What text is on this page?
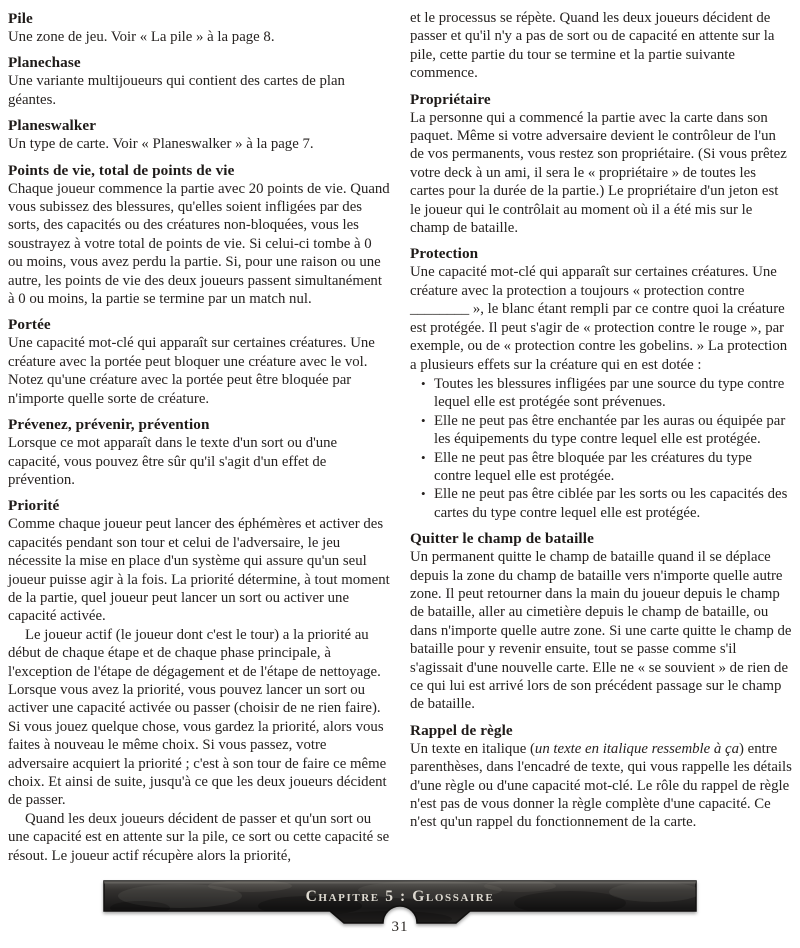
Pile

Une zone de jeu. Voir « La pile » à la page 8.

Planechase

Une variante multijoueurs qui contient des cartes de plan géantes.

Planeswalker

Un type de carte. Voir « Planeswalker » à la page 7.

Points de vie, total de points de vie

Chaque joueur commence la partie avec 20 points de vie. Quand vous subissez des blessures, qu'elles soient infligées par des sorts, des capacités ou des créatures non-bloquées, vous les soustrayez à votre total de points de vie. Si celui-ci tombe à 0 ou moins, vous avez perdu la partie. Si, pour une raison ou une autre, les points de vie des deux joueurs passent simultanément à 0 ou moins, la partie se termine par un match nul.

Portée

Une capacité mot-clé qui apparaît sur certaines créatures. Une créature avec la portée peut bloquer une créature avec le vol. Notez qu'une créature avec la portée peut être bloquée par n'importe quelle sorte de créature.

Prévenez, prévenir, prévention

Lorsque ce mot apparaît dans le texte d'un sort ou d'une capacité, vous pouvez être sûr qu'il s'agit d'un effet de prévention.

Priorité

Comme chaque joueur peut lancer des éphémères et activer des capacités pendant son tour et celui de l'adversaire, le jeu nécessite la mise en place d'un système qui assure qu'un seul joueur puisse agir à la fois. La priorité détermine, à tout moment de la partie, quel joueur peut lancer un sort ou activer une capacité activée.

Le joueur actif (le joueur dont c'est le tour) a la priorité au début de chaque étape et de chaque phase principale, à l'exception de l'étape de dégagement et de l'étape de nettoyage. Lorsque vous avez la priorité, vous pouvez lancer un sort ou activer une capacité activée ou passer (choisir de ne rien faire). Si vous jouez quelque chose, vous gardez la priorité, alors vous faites à nouveau le même choix. Si vous passez, votre adversaire acquiert la priorité ; c'est à son tour de faire ce même choix. Et ainsi de suite, jusqu'à ce que les deux joueurs décident de passer.

Quand les deux joueurs décident de passer et qu'un sort ou une capacité est en attente sur la pile, ce sort ou cette capacité se résout. Le joueur actif récupère alors la priorité,

et le processus se répète. Quand les deux joueurs décident de passer et qu'il n'y a pas de sort ou de capacité en attente sur la pile, cette partie du tour se termine et la partie suivante commence.

Propriétaire

La personne qui a commencé la partie avec la carte dans son paquet. Même si votre adversaire devient le contrôleur de l'un de vos permanents, vous restez son propriétaire. (Si vous prêtez votre deck à un ami, il sera le « propriétaire » de toutes les cartes pour la durée de la partie.) Le propriétaire d'un jeton est le joueur qui le contrôlait au moment où il a été mis sur le champ de bataille.

Protection

Une capacité mot-clé qui apparaît sur certaines créatures. Une créature avec la protection a toujours « protection contre ________ », le blanc étant rempli par ce contre quoi la créature est protégée. Il peut s'agir de « protection contre le rouge », par exemple, ou de « protection contre les gobelins. » La protection a plusieurs effets sur la créature qui en est dotée :

• Toutes les blessures infligées par une source du type contre lequel elle est protégée sont prévenues.
• Elle ne peut pas être enchantée par les auras ou équipée par les équipements du type contre lequel elle est protégée.
• Elle ne peut pas être bloquée par les créatures du type contre lequel elle est protégée.
• Elle ne peut pas être ciblée par les sorts ou les capacités des cartes du type contre lequel elle est protégée.
Quitter le champ de bataille

Un permanent quitte le champ de bataille quand il se déplace depuis la zone du champ de bataille vers n'importe quelle autre zone. Il peut retourner dans la main du joueur depuis le champ de bataille, aller au cimetière depuis le champ de bataille, ou dans n'importe quelle autre zone. Si une carte quitte le champ de bataille pour y revenir ensuite, tout se passe comme s'il s'agissait d'une nouvelle carte. Elle ne « se souvient » de rien de ce qui lui est arrivé lors de son précédent passage sur le champ de bataille.

Rappel de règle

Un texte en italique (un texte en italique ressemble à ça) entre parenthèses, dans l'encadré de texte, qui vous rappelle les détails d'une règle ou d'une capacité mot-clé. Le rôle du rappel de règle n'est pas de vous donner la règle complète d'une capacité. Ce n'est qu'un rappel du fonctionnement de la carte.

Chapitre 5 : Glossaire
31
